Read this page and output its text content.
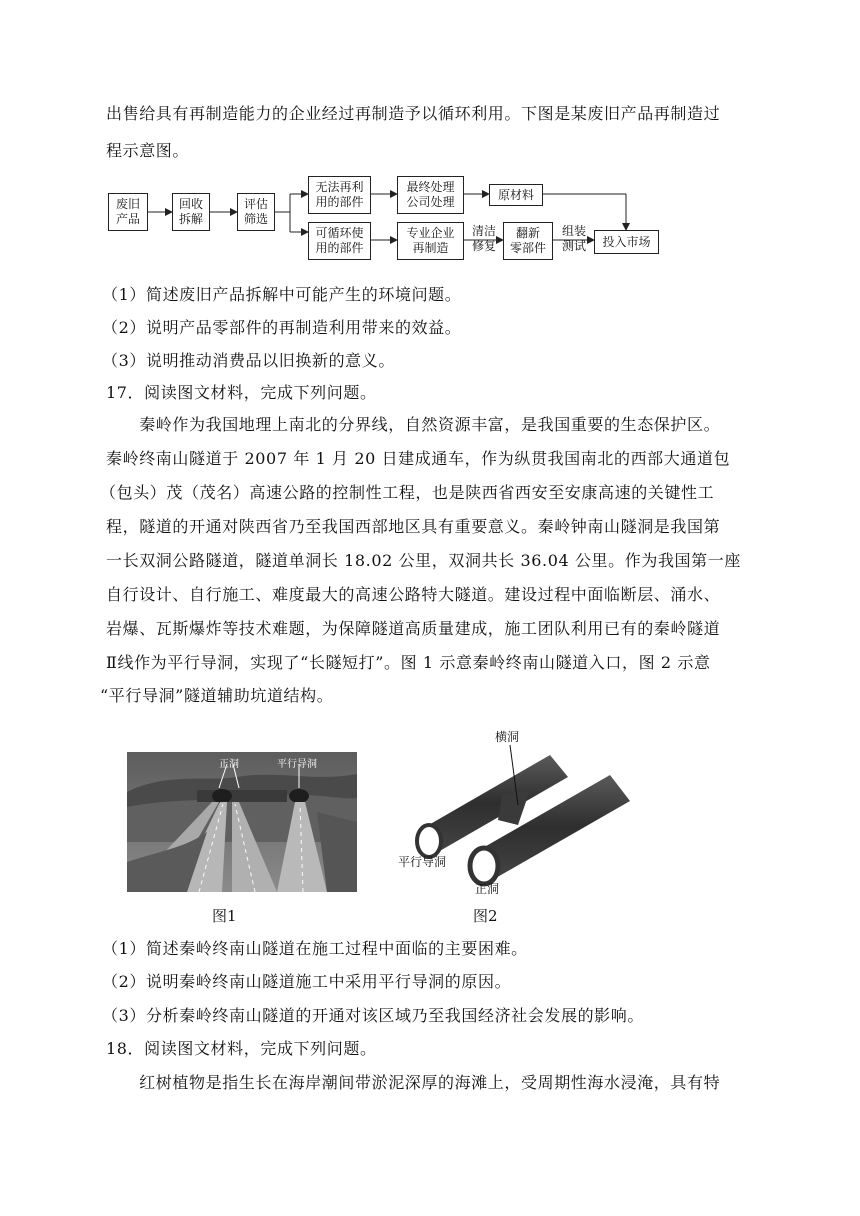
出售给具有再制造能力的企业经过再制造予以循环利用。下图是某废旧产品再制造过
程示意图。
废旧
产品
回收
拆解
评估
筛选
无法再利
用的部件
最终处理
公司处理
原材料
可循环使
用的部件
专业企业
再制造
清洁
修复
翻新
零部件
组装
测试	投入市场
（1）简述废旧产品拆解中可能产生的环境问题。
（2）说明产品零部件的再制造利用带来的效益。
（3）说明推动消费品以旧换新的意义。
17．阅读图文材料，完成下列问题。
　　秦岭作为我国地理上南北的分界线，自然资源丰富，是我国重要的生态保护区。
秦岭终南山隧道于 2007 年 1 月 20 日建成通车，作为纵贯我国南北的西部大通道包
（包头）茂（茂名）高速公路的控制性工程，也是陕西省西安至安康高速的关键性工
程，隧道的开通对陕西省乃至我国西部地区具有重要意义。秦岭钟南山隧洞是我国第
一长双洞公路隧道，隧道单洞长 18.02 公里，双洞共长 36.04 公里。作为我国第一座
自行设计、自行施工、难度最大的高速公路特大隧道。建设过程中面临断层、涌水、
岩爆、瓦斯爆炸等技术难题，为保障隧道高质量建成，施工团队利用已有的秦岭隧道
Ⅱ线作为平行导洞，实现了“长隧短打”。图 1 示意秦岭终南山隧道入口，图 2 示意
“平行导洞”隧道辅助坑道结构。
正洞	平行导洞
图1
横洞
平行导洞
正洞
图2
（1）简述秦岭终南山隧道在施工过程中面临的主要困难。
（2）说明秦岭终南山隧道施工中采用平行导洞的原因。
（3）分析秦岭终南山隧道的开通对该区域乃至我国经济社会发展的影响。
18．阅读图文材料，完成下列问题。
　　红树植物是指生长在海岸潮间带淤泥深厚的海滩上，受周期性海水浸淹，具有特
